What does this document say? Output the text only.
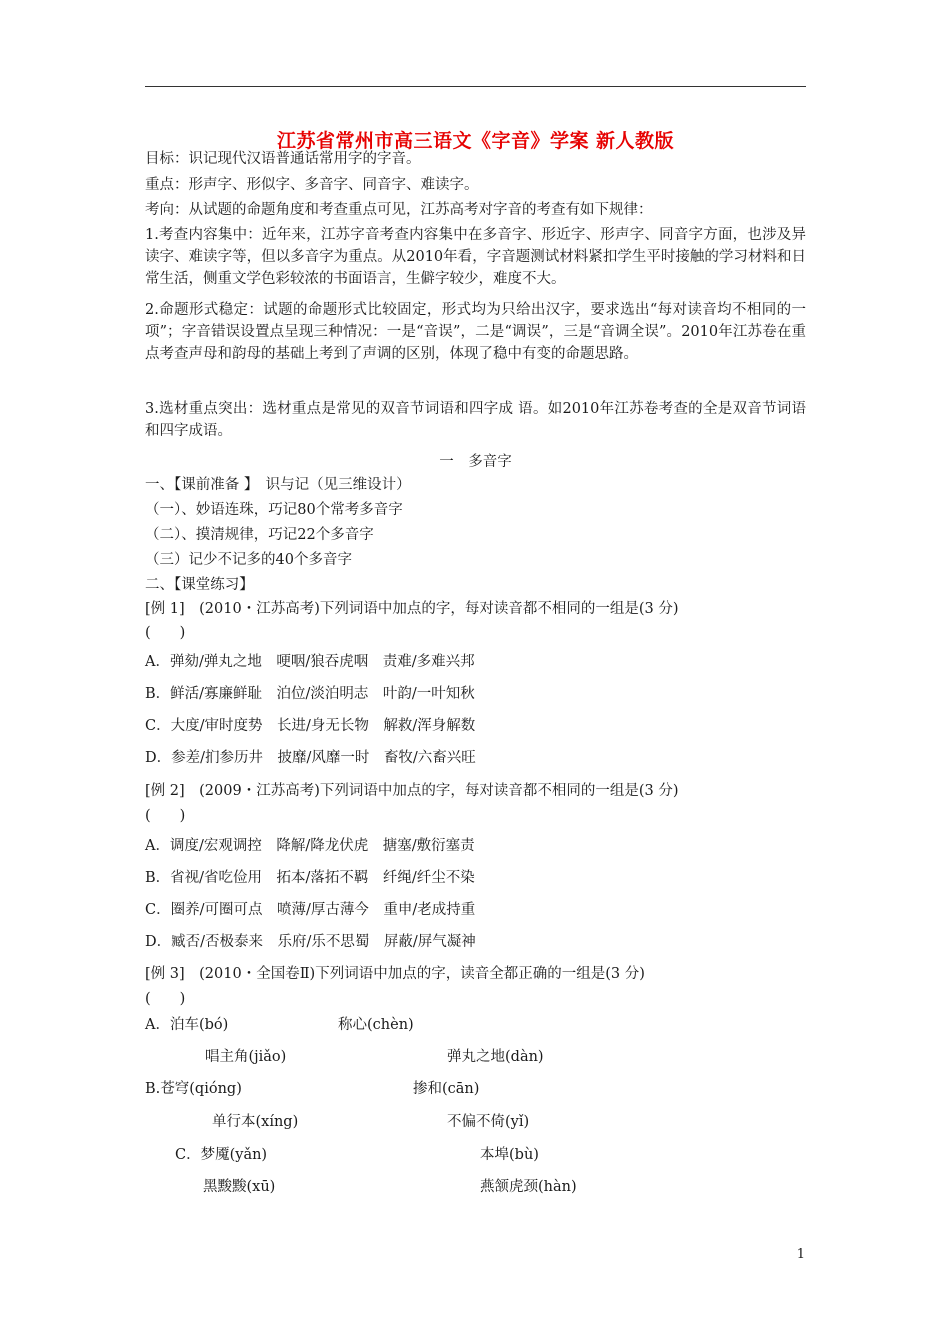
江苏省常州市高三语文《字音》学案 新人教版
目标：识记现代汉语普通话常用字的字音。
重点：形声字、形似字、多音字、同音字、难读字。
考向：从试题的命题角度和考查重点可见，江苏高考对字音的考查有如下规律：
1.考查内容集中：近年来，江苏字音考查内容集中在多音字、形近字、形声字、同音字方面，也涉及异读字、难读字等，但以多音字为重点。从2010年看，字音题测试材料紧扣学生平时接触的学习材料和日常生活，侧重文学色彩较浓的书面语言，生僻字较少，难度不大。
2.命题形式稳定：试题的命题形式比较固定，形式均为只给出汉字，要求选出“每对读音均不相同的一项”；字音错误设置点呈现三种情况：一是“音误”，二是“调误”，三是“音调全误”。2010年江苏卷在重点考查声母和韵母的基础上考到了声调的区别，体现了稳中有变的命题思路。
3.选材重点突出：选材重点是常见的双音节词语和四字成 语。如2010年江苏卷考查的全是双音节词语和四字成语。
一　多音字
一、【课前准备 】　识与记（见三维设计）
（一）、妙语连珠，巧记80个常考多音字
（二）、摸清规律，巧记22个多音字
（三）记少不记多的40个多音字
二、【课堂练习】
[例 1]　(2010・江苏高考)下列词语中加点的字，每对读音都不相同的一组是(3 分)
(　　)
A．弹劾/弹丸之地　哽咽/狼吞虎咽　责难/多难兴邦
B．鲜活/寡廉鲜耻　泊位/淡泊明志　叶韵/一叶知秋
C．大度/审时度势　长进/身无长物　解救/浑身解数
D．参差/扪参历井　披靡/风靡一时　畜牧/六畜兴旺
[例 2]　(2009・江苏高考)下列词语中加点的字，每对读音都不相同的一组是(3 分)
(　　)
A．调度/宏观调控　降解/降龙伏虎　搪塞/敷衍塞责
B．省视/省吃俭用　拓本/落拓不羁　纤绳/纤尘不染
C．圈养/可圈可点　喷薄/厚古薄今　重申/老成持重
D．臧否/否极泰来　乐府/乐不思蜀　屏蔽/屏气凝神
[例 3]　(2010・全国卷Ⅱ)下列词语中加点的字，读音全都正确的一组是(3 分)
(　　)
A．泊车(bó)	称心(chèn)
唱主角(jiǎo)	弹丸之地(dàn)
B.苍穹(qióng)	掺和(cān)
单行本(xíng)	不偏不倚(yǐ)
C．梦魇(yǎn)	本埠(bù)
黑黢黢(xū)	燕颔虎颈(hàn)
1
